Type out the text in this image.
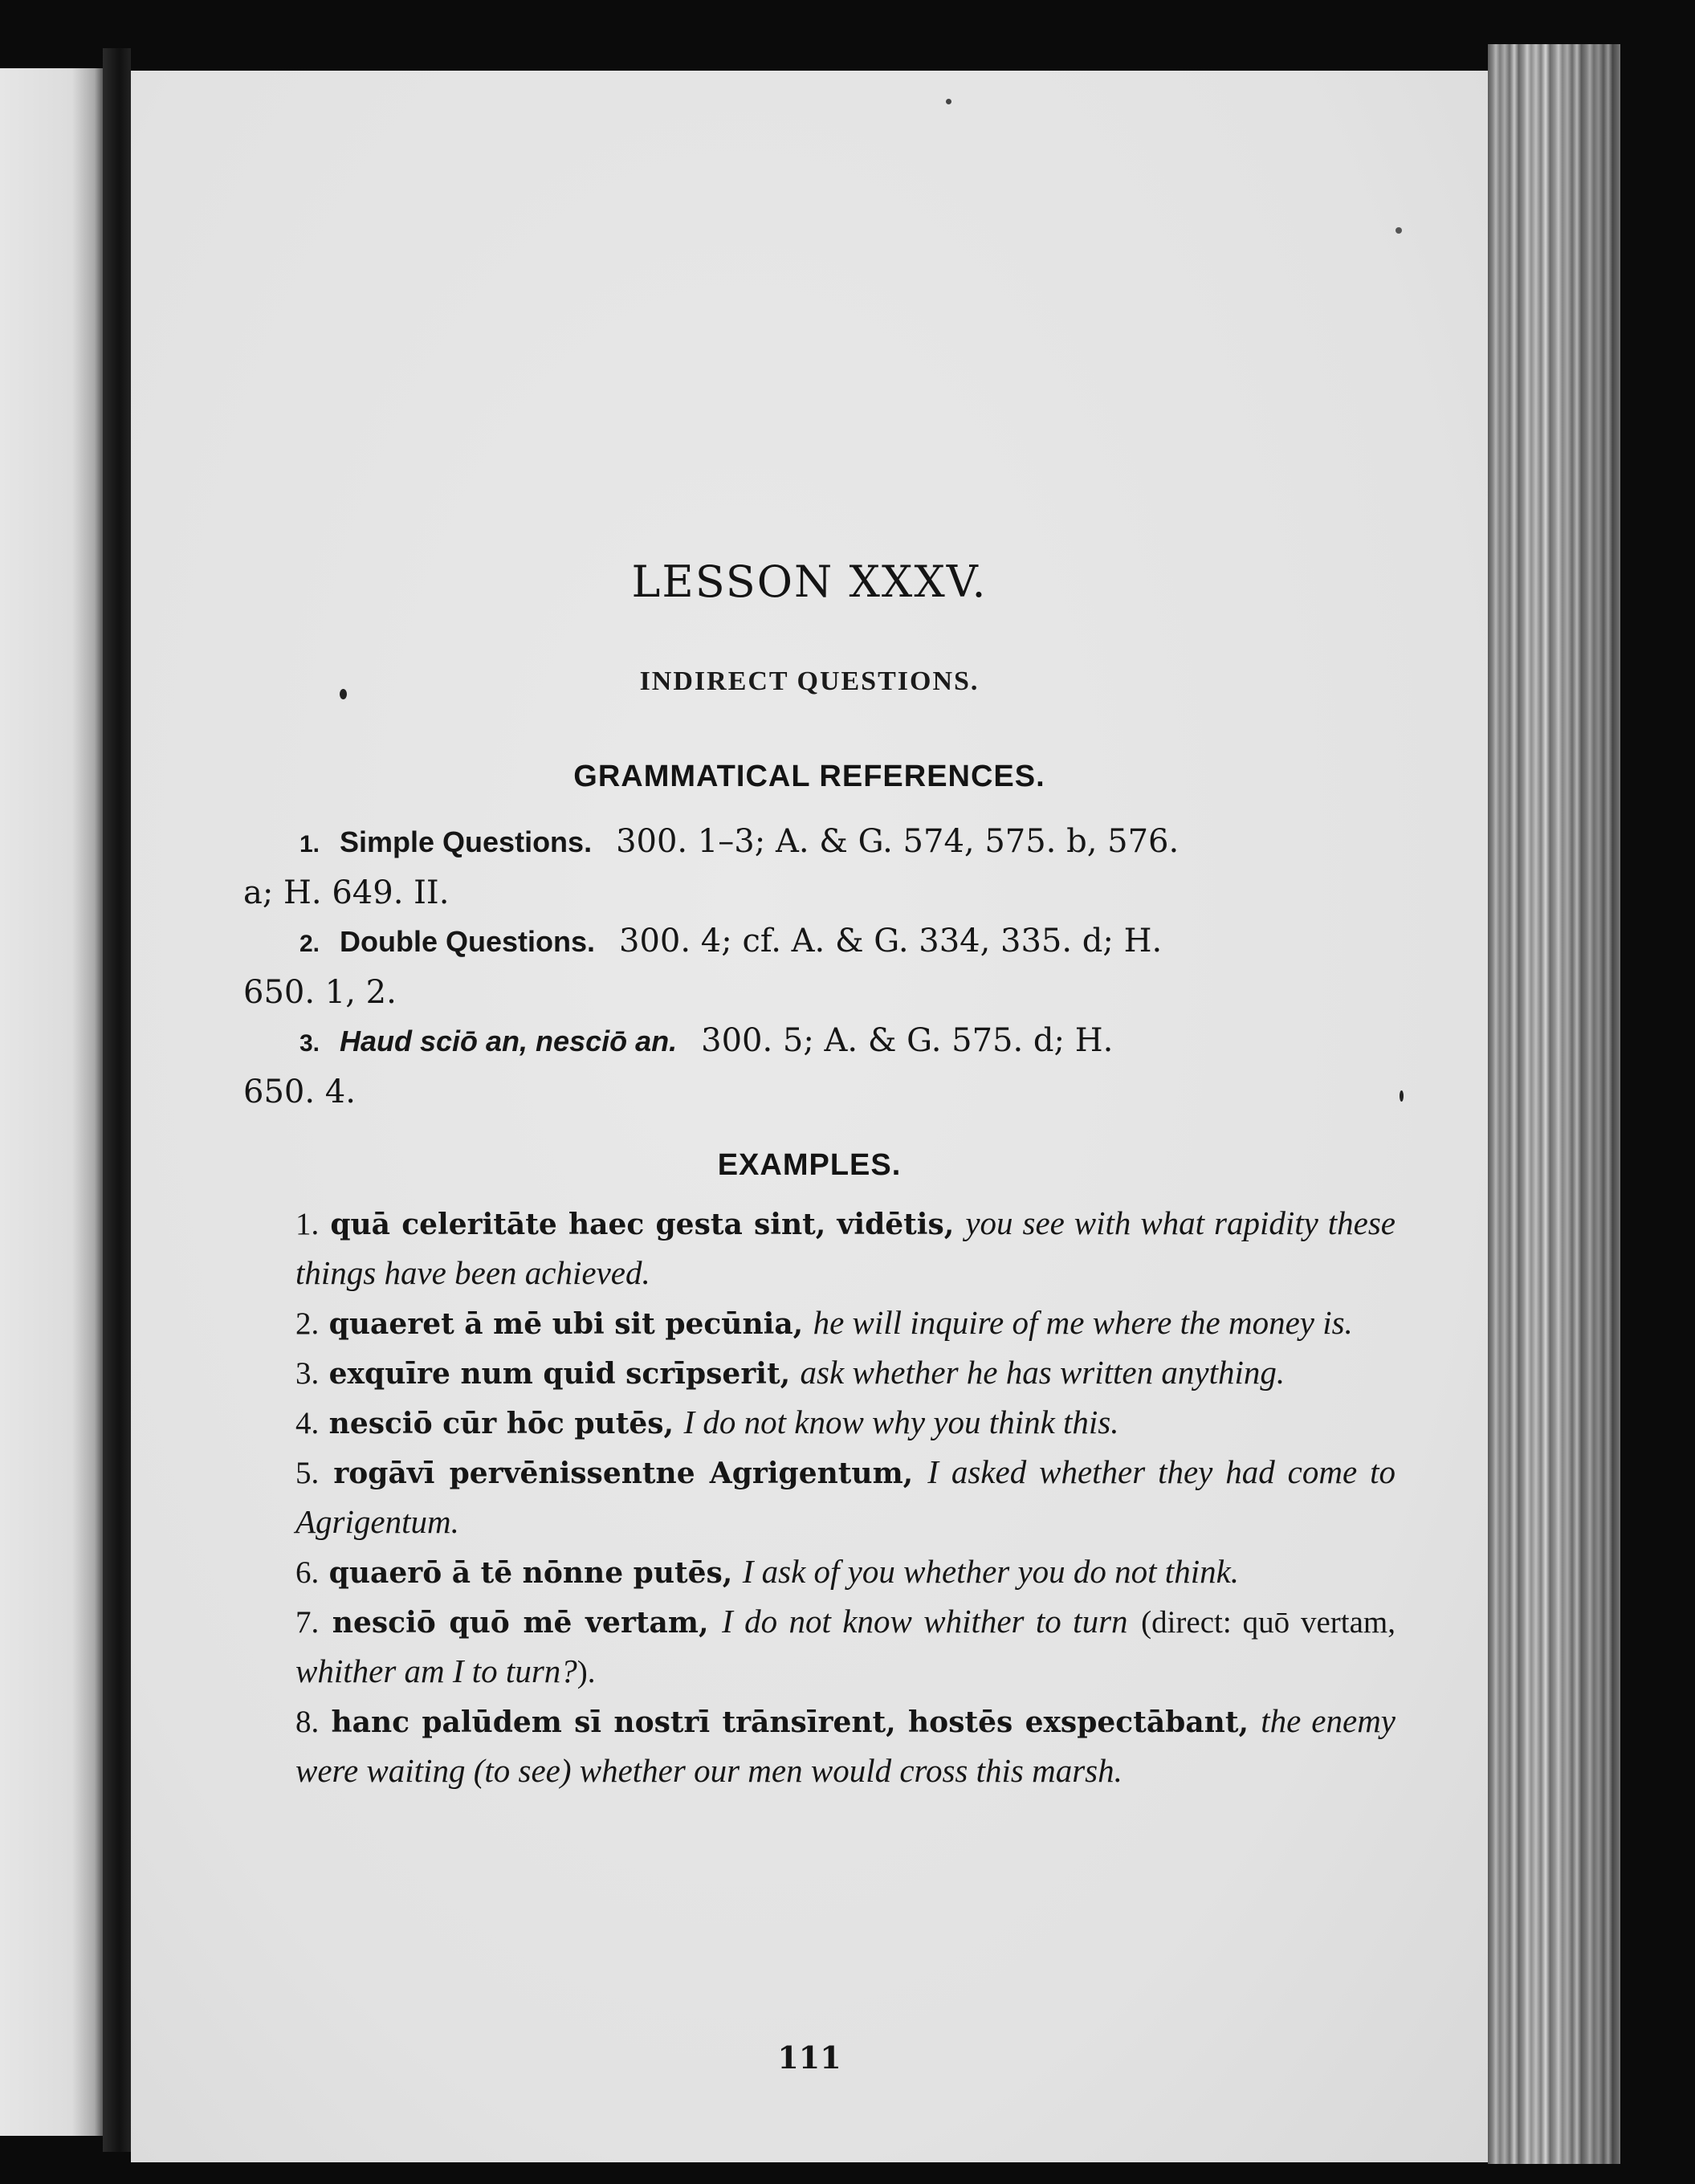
LESSON XXXV.
INDIRECT QUESTIONS.
GRAMMATICAL REFERENCES.
1. Simple Questions. 300. 1–3; A. & G. 574, 575. b, 576.
a; H. 649. II.
2. Double Questions. 300. 4; cf. A. & G. 334, 335. d; H.
650. 1, 2.
3. Haud sciō an, nesciō an. 300. 5; A. & G. 575. d; H.
650. 4.
EXAMPLES.
1. quā celeritāte haec gesta sint, vidētis, you see with what rapidity these things have been achieved.
2. quaeret ā mē ubi sit pecūnia, he will inquire of me where the money is.
3. exquīre num quid scrīpserit, ask whether he has written anything.
4. nesciō cūr hōc putēs, I do not know why you think this.
5. rogāvī pervēnissentne Agrigentum, I asked whether they had come to Agrigentum.
6. quaerō ā tē nōnne putēs, I ask of you whether you do not think.
7. nesciō quō mē vertam, I do not know whither to turn (direct: quō vertam, whither am I to turn?).
8. hanc palūdem sī nostrī trānsīrent, hostēs exspectābant, the enemy were waiting (to see) whether our men would cross this marsh.

111
